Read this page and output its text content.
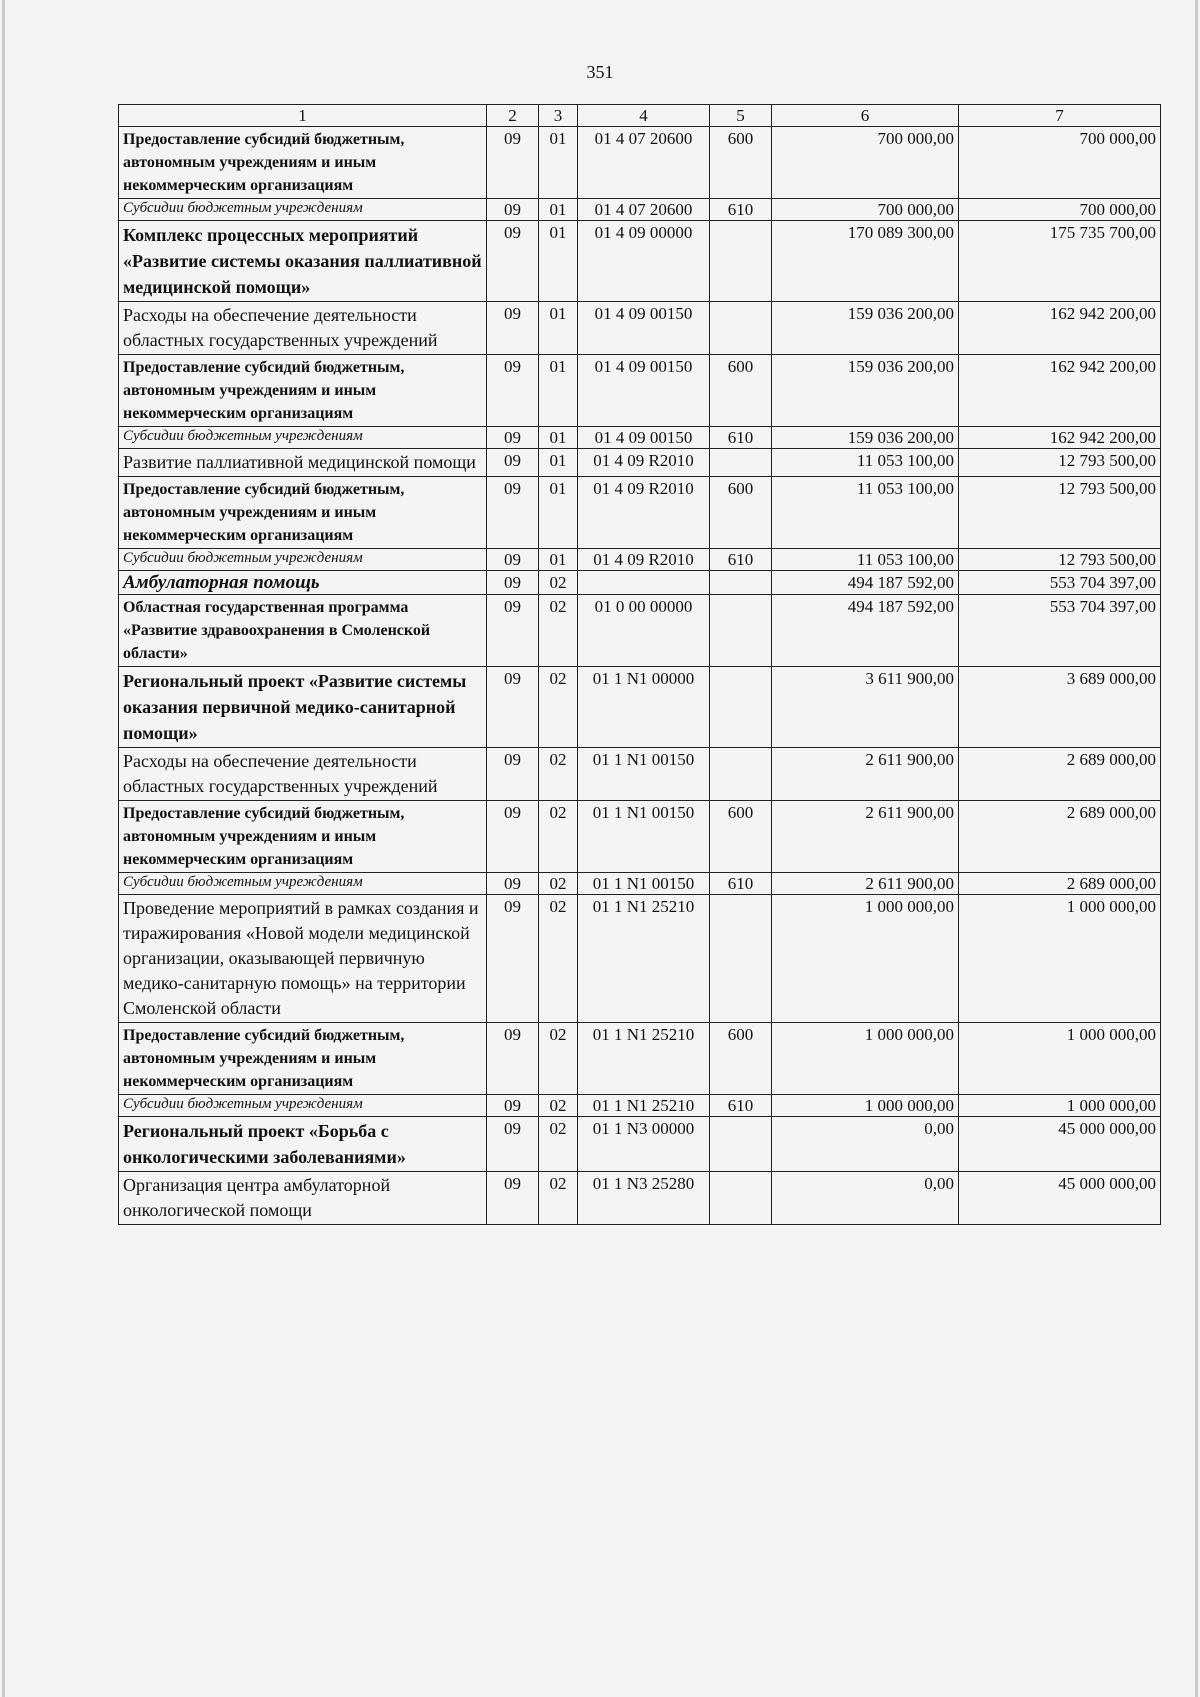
351
1	2	3	4	5	6	7
Предоставление субсидий бюджетным, автономным учреждениям и иным некоммерческим организациям	09	01	01 4 07 20600	600	700 000,00	700 000,00
Субсидии бюджетным учреждениям	09	01	01 4 07 20600	610	700 000,00	700 000,00
Комплекс процессных мероприятий «Развитие системы оказания паллиативной медицинской помощи»	09	01	01 4 09 00000		170 089 300,00	175 735 700,00
Расходы на обеспечение деятельности областных государственных учреждений	09	01	01 4 09 00150		159 036 200,00	162 942 200,00
Предоставление субсидий бюджетным, автономным учреждениям и иным некоммерческим организациям	09	01	01 4 09 00150	600	159 036 200,00	162 942 200,00
Субсидии бюджетным учреждениям	09	01	01 4 09 00150	610	159 036 200,00	162 942 200,00
Развитие паллиативной медицинской помощи	09	01	01 4 09 R2010		11 053 100,00	12 793 500,00
Предоставление субсидий бюджетным, автономным учреждениям и иным некоммерческим организациям	09	01	01 4 09 R2010	600	11 053 100,00	12 793 500,00
Субсидии бюджетным учреждениям	09	01	01 4 09 R2010	610	11 053 100,00	12 793 500,00
Амбулаторная помощь	09	02			494 187 592,00	553 704 397,00
Областная государственная программа «Развитие здравоохранения в Смоленской области»	09	02	01 0 00 00000		494 187 592,00	553 704 397,00
Региональный проект «Развитие системы оказания первичной медико-санитарной помощи»	09	02	01 1 N1 00000		3 611 900,00	3 689 000,00
Расходы на обеспечение деятельности областных государственных учреждений	09	02	01 1 N1 00150		2 611 900,00	2 689 000,00
Предоставление субсидий бюджетным, автономным учреждениям и иным некоммерческим организациям	09	02	01 1 N1 00150	600	2 611 900,00	2 689 000,00
Субсидии бюджетным учреждениям	09	02	01 1 N1 00150	610	2 611 900,00	2 689 000,00
Проведение мероприятий в рамках создания и тиражирования «Новой модели медицинской организации, оказывающей первичную медико-санитарную помощь» на территории Смоленской области	09	02	01 1 N1 25210		1 000 000,00	1 000 000,00
Предоставление субсидий бюджетным, автономным учреждениям и иным некоммерческим организациям	09	02	01 1 N1 25210	600	1 000 000,00	1 000 000,00
Субсидии бюджетным учреждениям	09	02	01 1 N1 25210	610	1 000 000,00	1 000 000,00
Региональный проект «Борьба с онкологическими заболеваниями»	09	02	01 1 N3 00000		0,00	45 000 000,00
Организация центра амбулаторной онкологической помощи	09	02	01 1 N3 25280		0,00	45 000 000,00
